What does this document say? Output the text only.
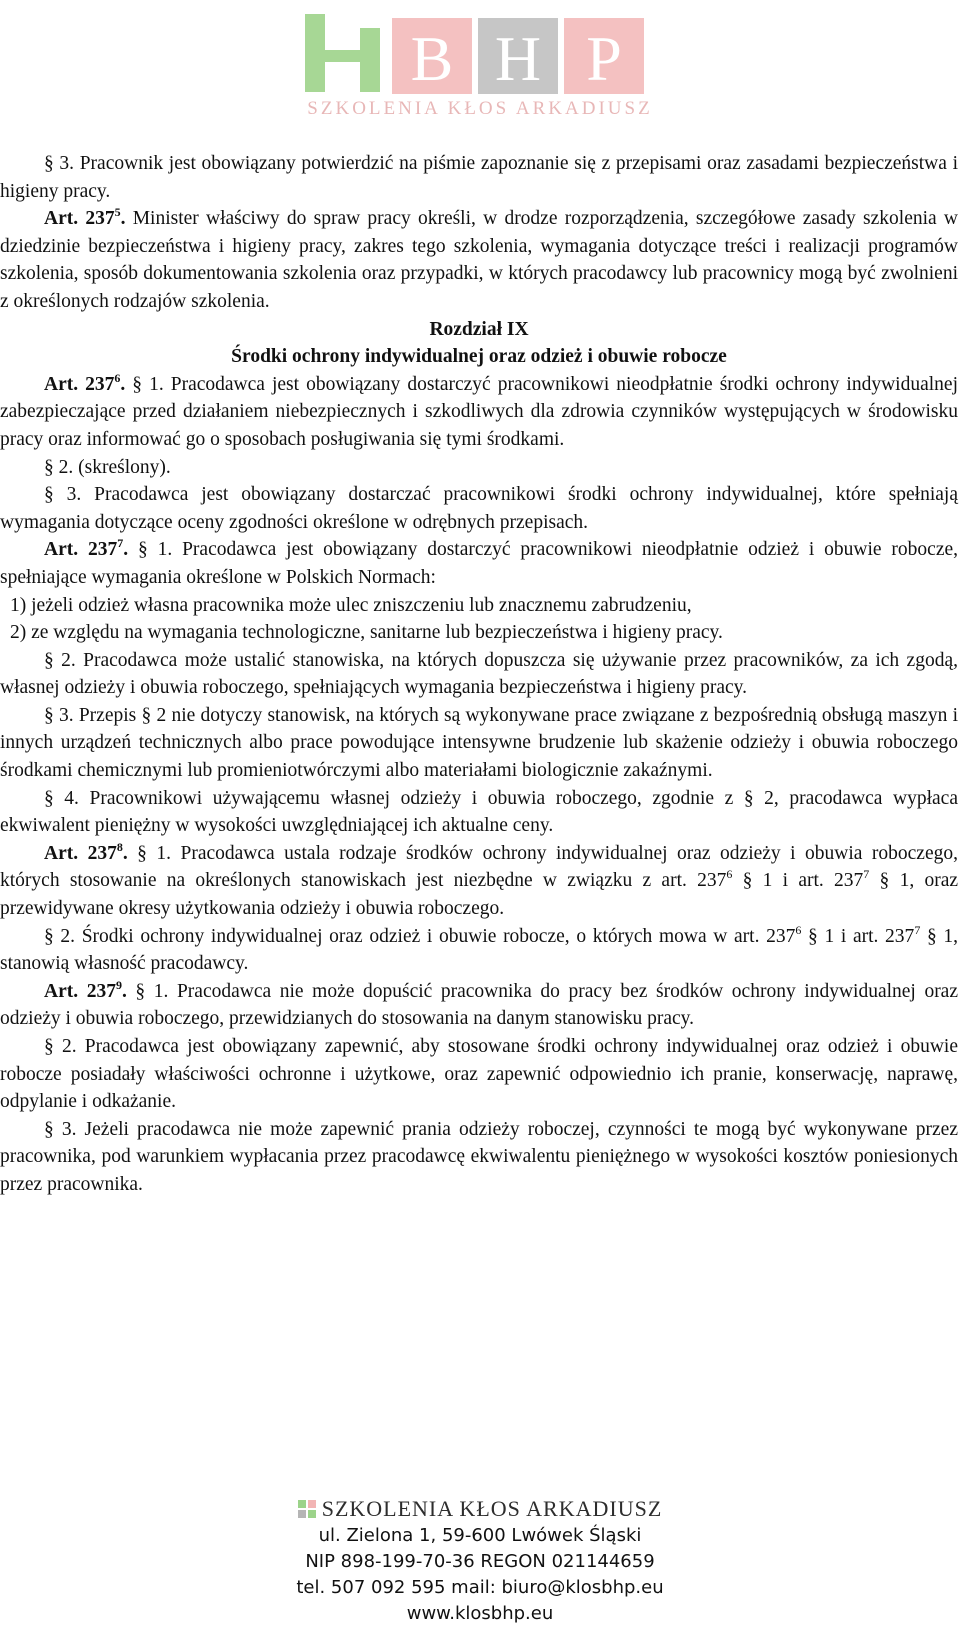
B H P
SZKOLENIA KŁOS ARKADIUSZ

§ 3. Pracownik jest obowiązany potwierdzić na piśmie zapoznanie się z przepisami oraz zasadami bezpieczeństwa i higieny pracy.

Art. $237^5$. Minister właściwy do spraw pracy określi, w drodze rozporządzenia, szczegółowe zasady szkolenia w dziedzinie bezpieczeństwa i higieny pracy, zakres tego szkolenia, wymagania dotyczące treści i realizacji programów szkolenia, sposób dokumentowania szkolenia oraz przypadki, w których pracodawcy lub pracownicy mogą być zwolnieni z określonych rodzajów szkolenia.

Rozdział IX

Środki ochrony indywidualnej oraz odzież i obuwie robocze

Art. $237^6$. § 1. Pracodawca jest obowiązany dostarczyć pracownikowi nieodpłatnie środki ochrony indywidualnej zabezpieczające przed działaniem niebezpiecznych i szkodliwych dla zdrowia czynników występujących w środowisku pracy oraz informować go o sposobach posługiwania się tymi środkami.

§ 2. (skreślony).

§ 3. Pracodawca jest obowiązany dostarczać pracownikowi środki ochrony indywidualnej, które spełniają wymagania dotyczące oceny zgodności określone w odrębnych przepisach.

Art. $237^7$. § 1. Pracodawca jest obowiązany dostarczyć pracownikowi nieodpłatnie odzież i obuwie robocze, spełniające wymagania określone w Polskich Normach:

1) jeżeli odzież własna pracownika może ulec zniszczeniu lub znacznemu zabrudzeniu,

2) ze względu na wymagania technologiczne, sanitarne lub bezpieczeństwa i higieny pracy.

§ 2. Pracodawca może ustalić stanowiska, na których dopuszcza się używanie przez pracowników, za ich zgodą, własnej odzieży i obuwia roboczego, spełniających wymagania bezpieczeństwa i higieny pracy.

§ 3. Przepis § 2 nie dotyczy stanowisk, na których są wykonywane prace związane z bezpośrednią obsługą maszyn i innych urządzeń technicznych albo prace powodujące intensywne brudzenie lub skażenie odzieży i obuwia roboczego środkami chemicznymi lub promieniotwórczymi albo materiałami biologicznie zakaźnymi.

§ 4. Pracownikowi używającemu własnej odzieży i obuwia roboczego, zgodnie z § 2, pracodawca wypłaca ekwiwalent pieniężny w wysokości uwzględniającej ich aktualne ceny.

Art. $237^8$. § 1. Pracodawca ustala rodzaje środków ochrony indywidualnej oraz odzieży i obuwia roboczego, których stosowanie na określonych stanowiskach jest niezbędne w związku z art. $237^6$ § 1 i art. $237^7$ § 1, oraz przewidywane okresy użytkowania odzieży i obuwia roboczego.

§ 2. Środki ochrony indywidualnej oraz odzież i obuwie robocze, o których mowa w art. $237^6$ § 1 i art. $237^7$ § 1, stanowią własność pracodawcy.

Art. $237^9$. § 1. Pracodawca nie może dopuścić pracownika do pracy bez środków ochrony indywidualnej oraz odzieży i obuwia roboczego, przewidzianych do stosowania na danym stanowisku pracy.

§ 2. Pracodawca jest obowiązany zapewnić, aby stosowane środki ochrony indywidualnej oraz odzież i obuwie robocze posiadały właściwości ochronne i użytkowe, oraz zapewnić odpowiednio ich pranie, konserwację, naprawę, odpylanie i odkażanie.

§ 3. Jeżeli pracodawca nie może zapewnić prania odzieży roboczej, czynności te mogą być wykonywane przez pracownika, pod warunkiem wypłacania przez pracodawcę ekwiwalentu pieniężnego w wysokości kosztów poniesionych przez pracownika.

SZKOLENIA KŁOS ARKADIUSZ
ul. Zielona 1, 59-600 Lwówek Śląski
NIP 898-199-70-36 REGON 021144659
tel. 507 092 595 mail: biuro@klosbhp.eu
www.klosbhp.eu
